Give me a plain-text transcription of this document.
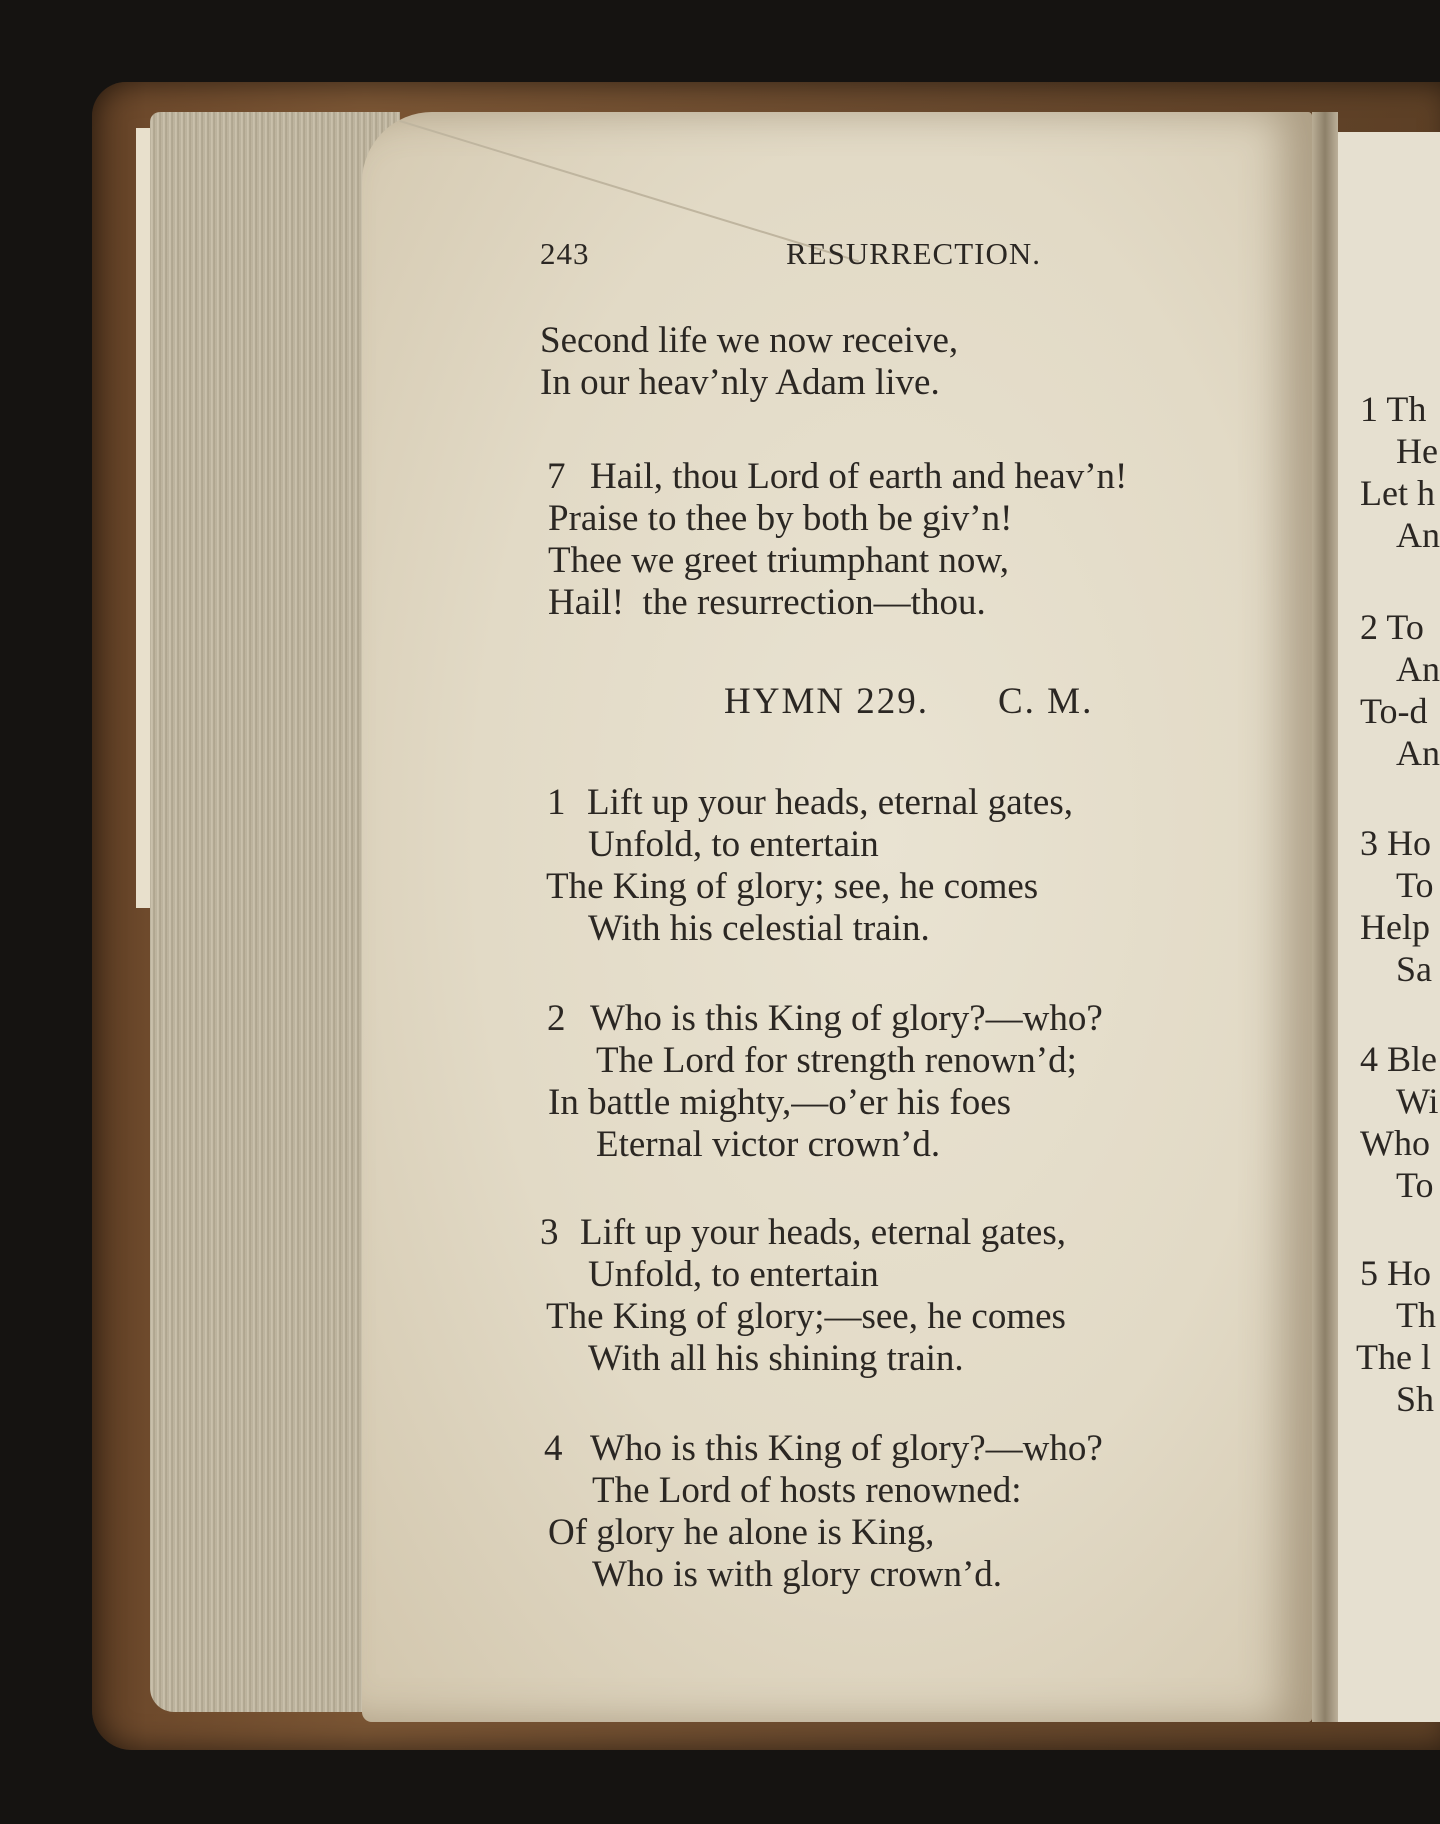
243	RESURRECTION.
Second life we now receive,
In our heav’nly Adam live.
7 Hail, thou Lord of earth and heav’n!
Praise to thee by both be giv’n!
Thee we greet triumphant now,
Hail!  the resurrection—thou.
HYMN 229. C. M.
1 Lift up your heads, eternal gates,
Unfold, to entertain
The King of glory; see, he comes
With his celestial train.
2 Who is this King of glory?—who?
The Lord for strength renown’d;
In battle mighty,—o’er his foes
Eternal victor crown’d.
3 Lift up your heads, eternal gates,
Unfold, to entertain
The King of glory;—see, he comes
With all his shining train.
4 Who is this King of glory?—who?
The Lord of hosts renowned:
Of glory he alone is King,
Who is with glory crown’d.
1 Th
He
Let h
An
2 To
An
To-d
An
3 Ho
To
Help
Sa
4 Ble
Wi
Who
To
5 Ho
Th
The l
Sh
